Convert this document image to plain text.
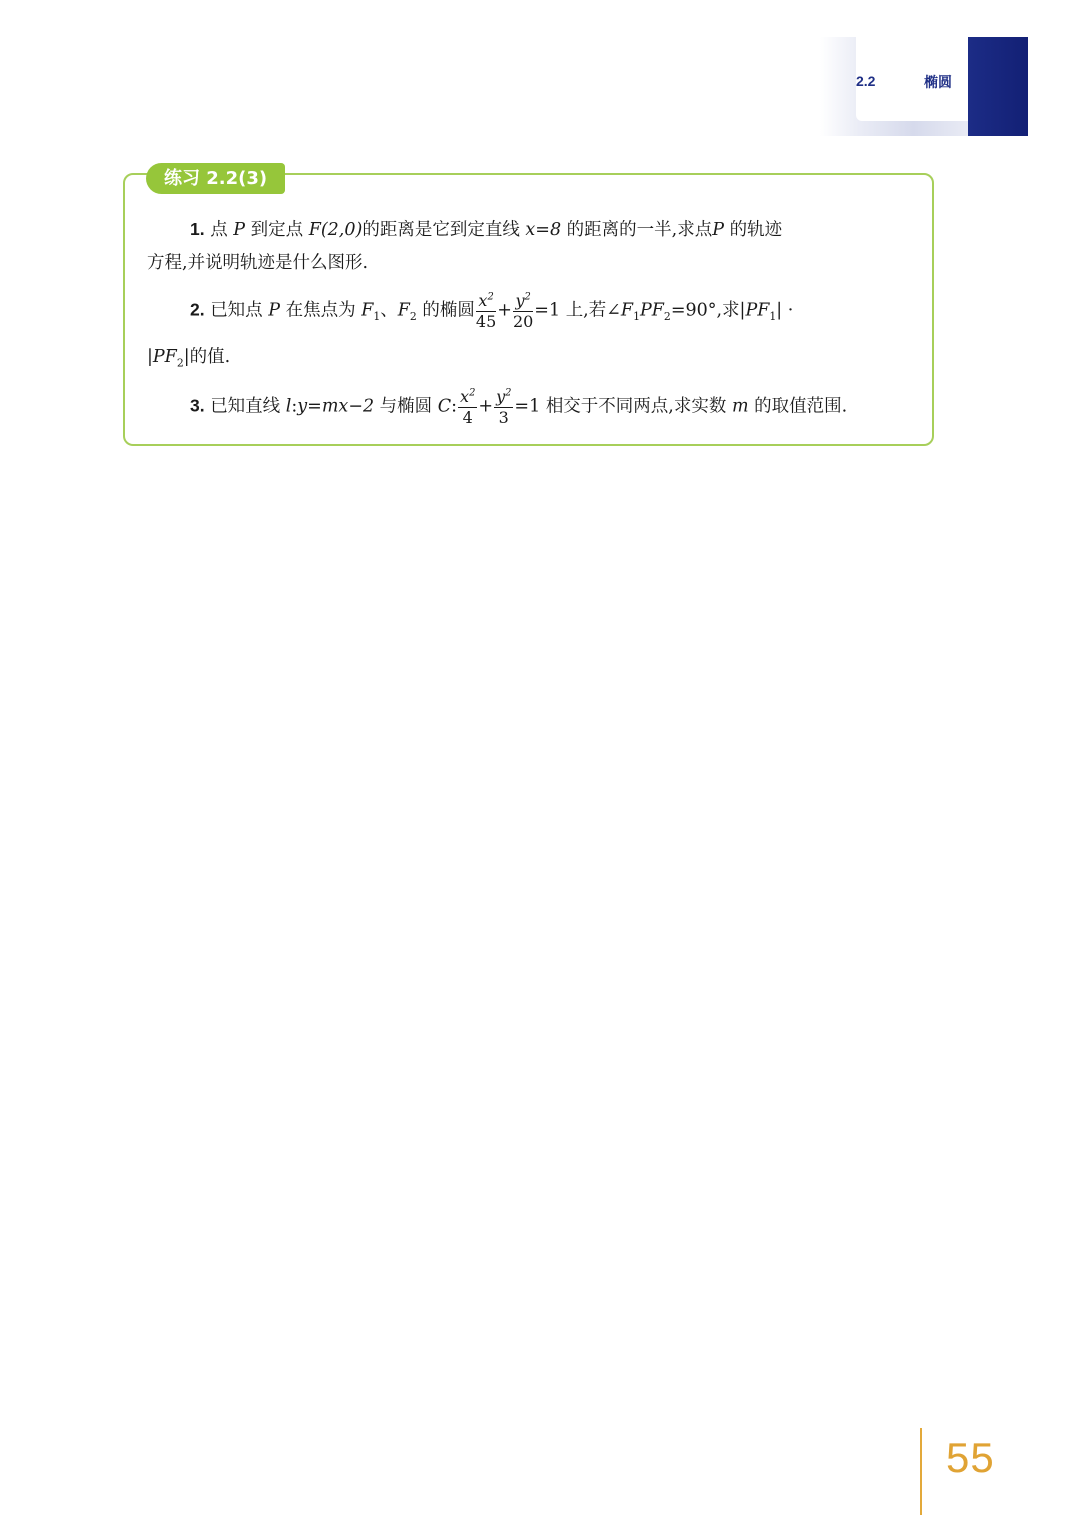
2.2	椭圆
练习 2.2(3)
1. 点 P 到定点 F(2,0)的距离是它到定直线 x=8 的距离的一半,求点P 的轨迹
方程,并说明轨迹是什么图形.
2. 已知点 P 在焦点为 $F_1$、$F_2$ 的椭圆 $\frac{x^2}{45} + \frac{y^2}{20} =1$ 上,若$\angle F_1PF_2=90^\circ$,求$|PF_1|$ ·
$|PF_2|$的值.
3. 已知直线 l:y=mx−2 与椭圆 C: $\frac{x^2}{4} + \frac{y^2}{3} =1$ 相交于不同两点,求实数 m 的取值范围.
55
